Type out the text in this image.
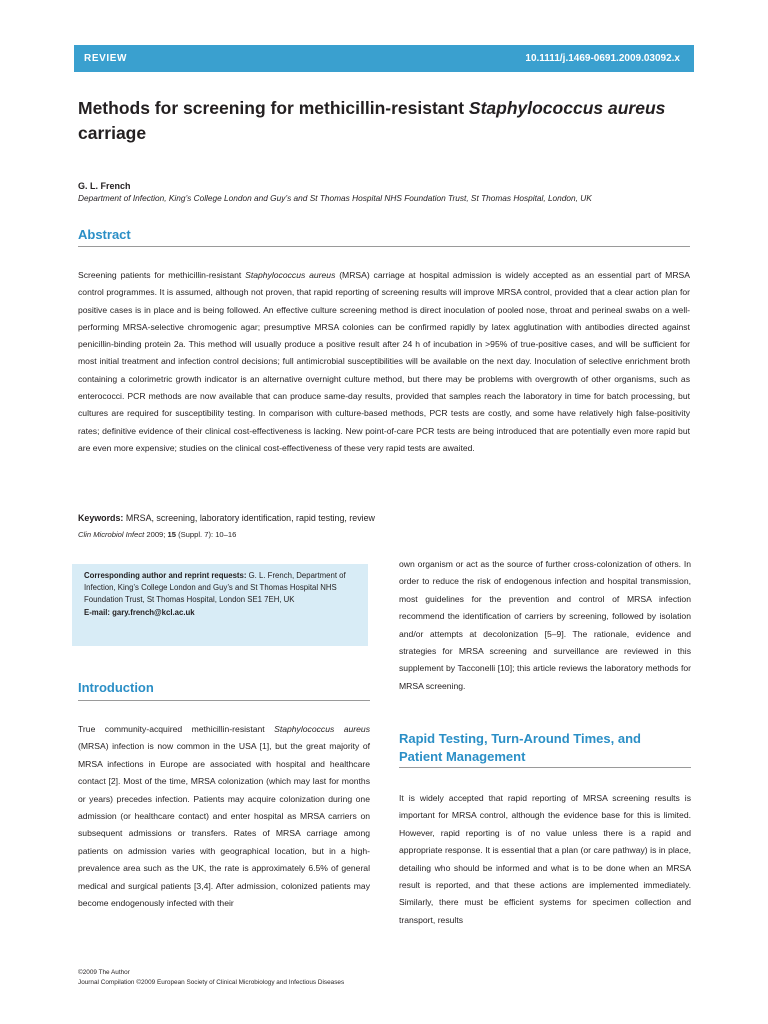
REVIEW	10.1111/j.1469-0691.2009.03092.x
Methods for screening for methicillin-resistant Staphylococcus aureus
carriage
G. L. French
Department of Infection, King’s College London and Guy’s and St Thomas Hospital NHS Foundation Trust, St Thomas Hospital, London, UK
Abstract
Screening patients for methicillin-resistant Staphylococcus aureus (MRSA) carriage at hospital admission is widely accepted as an essential part of MRSA control programmes. It is assumed, although not proven, that rapid reporting of screening results will improve MRSA control, provided that a clear action plan for positive cases is in place and is being followed. An effective culture screening method is direct inoculation of pooled nose, throat and perineal swabs on a well-performing MRSA-selective chromogenic agar; presumptive MRSA colonies can be confirmed rapidly by latex agglutination with antibodies directed against penicillin-binding protein 2a. This method will usually produce a positive result after 24 h of incubation in >95% of true-positive cases, and will be sufficient for most initial treatment and infection control decisions; full antimicrobial susceptibilities will be available on the next day. Inoculation of selective enrichment broth containing a colorimetric growth indicator is an alternative overnight culture method, but there may be problems with overgrowth of other organisms, such as enterococci. PCR methods are now available that can produce same-day results, provided that samples reach the laboratory in time for batch processing, but cultures are required for susceptibility testing. In comparison with culture-based methods, PCR tests are costly, and some have relatively high false-positivity rates; definitive evidence of their clinical cost-effectiveness is lacking. New point-of-care PCR tests are being introduced that are potentially even more rapid but are even more expensive; studies on the clinical cost-effectiveness of these very rapid tests are awaited.
Keywords: MRSA, screening, laboratory identification, rapid testing, review
Clin Microbiol Infect 2009; 15 (Suppl. 7): 10–16
Corresponding author and reprint requests: G. L. French, Department of Infection, King’s College London and Guy’s and St Thomas Hospital NHS Foundation Trust, St Thomas Hospital, London SE1 7EH, UK
E-mail: gary.french@kcl.ac.uk
Introduction
True community-acquired methicillin-resistant Staphylococcus aureus (MRSA) infection is now common in the USA [1], but the great majority of MRSA infections in Europe are associated with hospital and healthcare contact [2]. Most of the time, MRSA colonization (which may last for months or years) precedes infection. Patients may acquire colonization during one admission (or healthcare contact) and enter hospital as MRSA carriers on subsequent admissions or transfers. Rates of MRSA carriage among patients on admission varies with geographical location, but in a high-prevalence area such as the UK, the rate is approximately 6.5% of general medical and surgical patients [3,4]. After admission, colonized patients may become endogenously infected with their
own organism or act as the source of further cross-colonization of others. In order to reduce the risk of endogenous infection and hospital transmission, most guidelines for the prevention and control of MRSA infection recommend the identification of carriers by screening, followed by isolation and/or attempts at decolonization [5–9]. The rationale, evidence and strategies for MRSA screening and surveillance are reviewed in this supplement by Tacconelli [10]; this article reviews the laboratory methods for MRSA screening.
Rapid Testing, Turn-Around Times, and
Patient Management
It is widely accepted that rapid reporting of MRSA screening results is important for MRSA control, although the evidence base for this is limited. However, rapid reporting is of no value unless there is a rapid and appropriate response. It is essential that a plan (or care pathway) is in place, detailing who should be informed and what is to be done when an MRSA result is reported, and that these actions are implemented immediately. Similarly, there must be efficient systems for specimen collection and transport, results
©2009 The Author
Journal Compilation ©2009 European Society of Clinical Microbiology and Infectious Diseases
